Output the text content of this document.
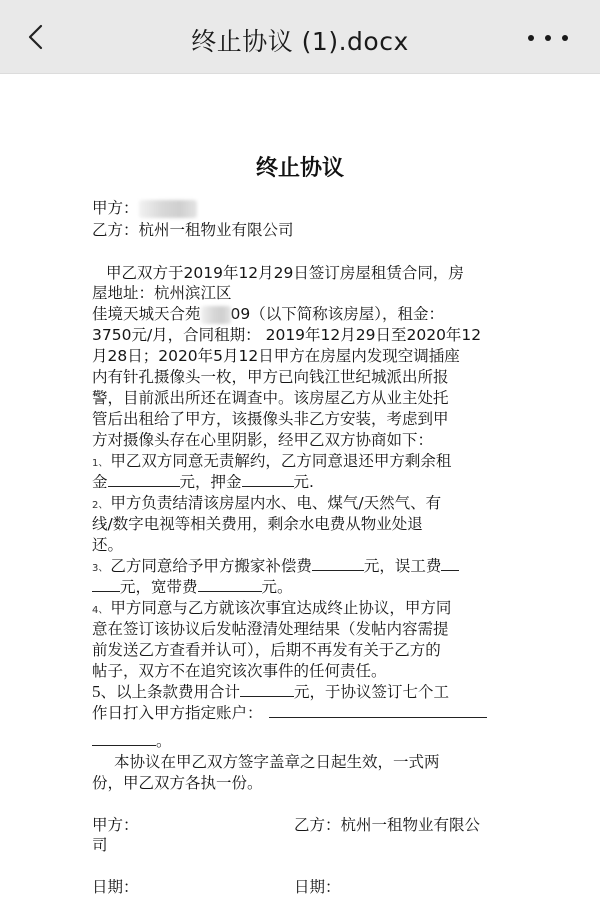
终止协议 (1).docx
终止协议
甲方：
乙方：杭州一租物业有限公司
甲乙双方于2019年12月29日签订房屋租赁合同，房
屋地址：杭州滨江区
佳境天城天合苑 09（以下简称该房屋），租金：
3750元/月，合同租期： 2019年12月29日至2020年12
月28日；2020年5月12日甲方在房屋内发现空调插座
内有针孔摄像头一枚，甲方已向钱江世纪城派出所报
警，目前派出所还在调查中。该房屋乙方从业主处托
管后出租给了甲方，该摄像头非乙方安装，考虑到甲
方对摄像头存在心里阴影，经甲乙双方协商如下：
1、 甲乙双方同意无责解约，乙方同意退还甲方剩余租
金	元，押金	元.
2、 甲方负责结清该房屋内水、电、煤气/天然气、有
线/数字电视等相关费用，剩余水电费从物业处退
还。
3、 乙方同意给予甲方搬家补偿费	元，误工费
元，宽带费	元。
4、 甲方同意与乙方就该次事宜达成终止协议，甲方同
意在签订该协议后发帖澄清处理结果（发帖内容需提
前发送乙方查看并认可），后期不再发有关于乙方的
帖子，双方不在追究该次事件的任何责任。
5、以上条款费用合计	元，于协议签订七个工
作日打入甲方指定账户：
。
本协议在甲乙双方签字盖章之日起生效，一式两
份，甲乙双方各执一份。
甲方：	乙方：杭州一租物业有限公
司
日期：	日期：
